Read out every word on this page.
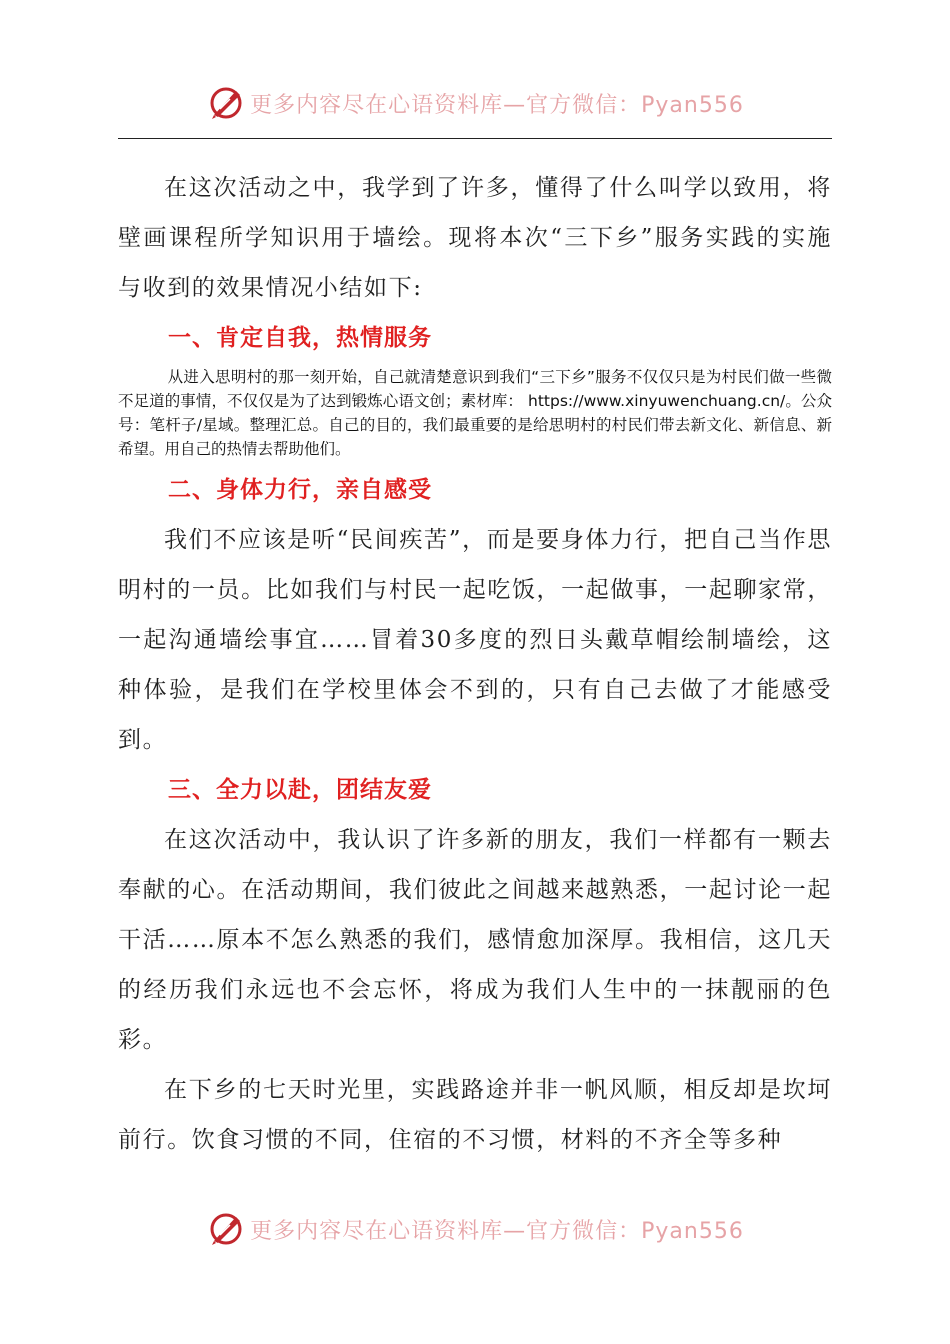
更多内容尽在心语资料库—官方微信：Pyan556

在这次活动之中，我学到了许多，懂得了什么叫学以致用，将壁画课程所学知识用于墙绘。现将本次“三下乡”服务实践的实施与收到的效果情况小结如下:

一、肯定自我，热情服务

从进入思明村的那一刻开始，自己就清楚意识到我们“三下乡”服务不仅仅只是为村民们做一些微不足道的事情，不仅仅是为了达到锻炼心语文创；素材库： https://www.xinyuwenchuang.cn/。公众号：笔杆子/星域。整理汇总。自己的目的，我们最重要的是给思明村的村民们带去新文化、新信息、新希望。用自己的热情去帮助他们。

二、身体力行，亲自感受

我们不应该是听“民间疾苦”，而是要身体力行，把自己当作思明村的一员。比如我们与村民一起吃饭，一起做事，一起聊家常，一起沟通墙绘事宜……冒着30多度的烈日头戴草帽绘制墙绘，这种体验，是我们在学校里体会不到的，只有自己去做了才能感受到。

三、全力以赴，团结友爱

在这次活动中，我认识了许多新的朋友，我们一样都有一颗去奉献的心。在活动期间，我们彼此之间越来越熟悉，一起讨论一起干活……原本不怎么熟悉的我们，感情愈加深厚。我相信，这几天的经历我们永远也不会忘怀，将成为我们人生中的一抹靓丽的色彩。

在下乡的七天时光里，实践路途并非一帆风顺，相反却是坎坷前行。饮食习惯的不同，住宿的不习惯，材料的不齐全等多种

更多内容尽在心语资料库—官方微信：Pyan556
